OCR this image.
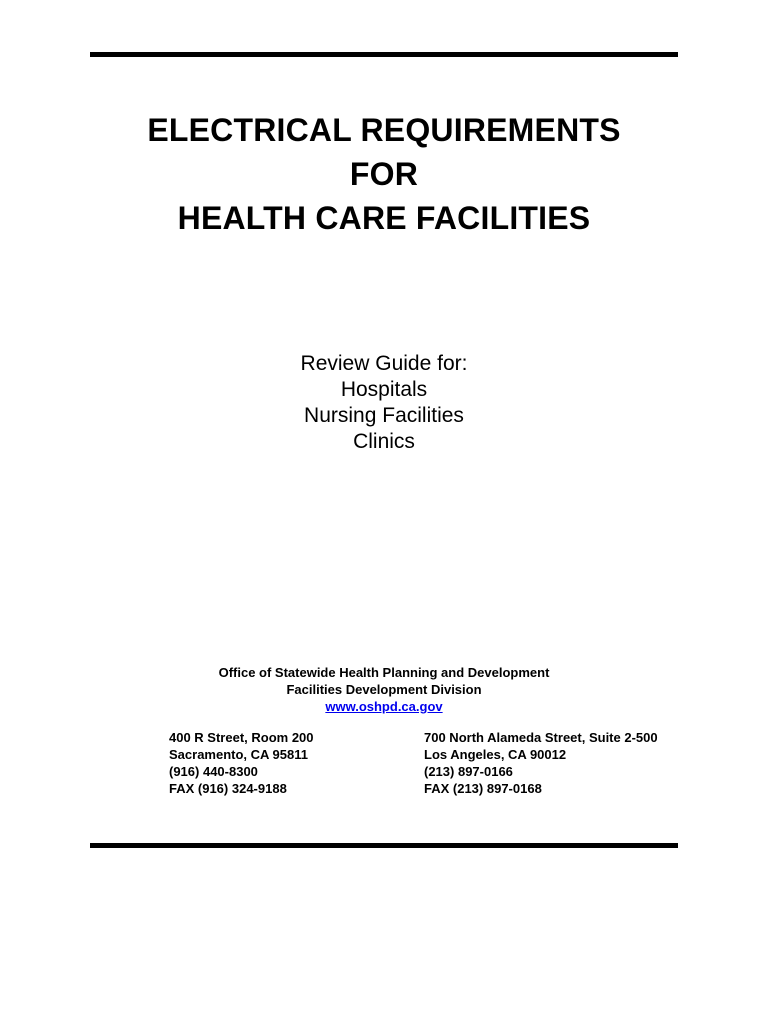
ELECTRICAL REQUIREMENTS
FOR
HEALTH CARE FACILITIES
Review Guide for:
Hospitals
Nursing Facilities
Clinics
Office of Statewide Health Planning and Development
Facilities Development Division
www.oshpd.ca.gov
400 R Street, Room 200
Sacramento, CA 95811
(916) 440-8300
FAX (916) 324-9188
700 North Alameda Street, Suite 2-500
Los Angeles, CA 90012
(213) 897-0166
FAX (213) 897-0168
